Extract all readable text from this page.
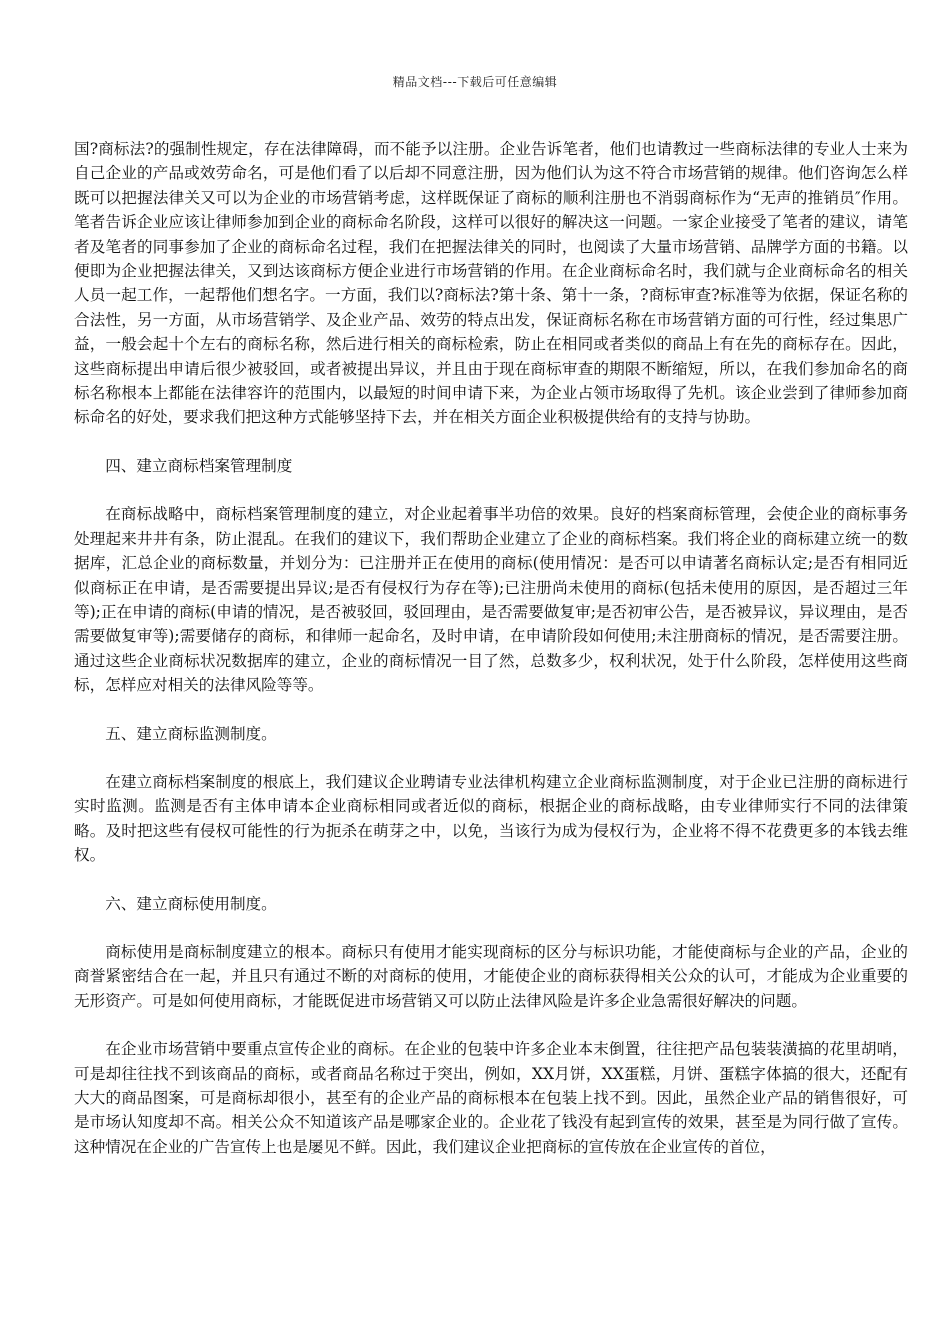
精品文档---下载后可任意编辑

国?商标法?的强制性规定，存在法律障碍，而不能予以注册。企业告诉笔者，他们也请教过一些商标法律的专业人士来为自己企业的产品或效劳命名，可是他们看了以后却不同意注册，因为他们认为这不符合市场营销的规律。他们咨询怎么样既可以把握法律关又可以为企业的市场营销考虑，这样既保证了商标的顺利注册也不消弱商标作为“无声的推销员″作用。笔者告诉企业应该让律师参加到企业的商标命名阶段，这样可以很好的解决这一问题。一家企业接受了笔者的建议，请笔者及笔者的同事参加了企业的商标命名过程，我们在把握法律关的同时，也阅读了大量市场营销、品牌学方面的书籍。以便即为企业把握法律关，又到达该商标方便企业进行市场营销的作用。在企业商标命名时，我们就与企业商标命名的相关人员一起工作，一起帮他们想名字。一方面，我们以?商标法?第十条、第十一条，?商标审查?标准等为依据，保证名称的合法性，另一方面，从市场营销学、及企业产品、效劳的特点出发，保证商标名称在市场营销方面的可行性，经过集思广益，一般会起十个左右的商标名称，然后进行相关的商标检索，防止在相同或者类似的商品上有在先的商标存在。因此，这些商标提出申请后很少被驳回，或者被提出异议，并且由于现在商标审查的期限不断缩短，所以，在我们参加命名的商标名称根本上都能在法律容许的范围内，以最短的时间申请下来，为企业占领市场取得了先机。该企业尝到了律师参加商标命名的好处，要求我们把这种方式能够坚持下去，并在相关方面企业积极提供给有的支持与协助。

四、建立商标档案管理制度

在商标战略中，商标档案管理制度的建立，对企业起着事半功倍的效果。良好的档案商标管理，会使企业的商标事务处理起来井井有条，防止混乱。在我们的建议下，我们帮助企业建立了企业的商标档案。我们将企业的商标建立统一的数据库，汇总企业的商标数量，并划分为：已注册并正在使用的商标(使用情况：是否可以申请著名商标认定;是否有相同近似商标正在申请，是否需要提出异议;是否有侵权行为存在等);已注册尚未使用的商标(包括未使用的原因，是否超过三年等);正在申请的商标(申请的情况，是否被驳回，驳回理由，是否需要做复审;是否初审公告，是否被异议，异议理由，是否需要做复审等);需要储存的商标，和律师一起命名，及时申请，在申请阶段如何使用;未注册商标的情况，是否需要注册。通过这些企业商标状况数据库的建立，企业的商标情况一目了然，总数多少，权利状况，处于什么阶段，怎样使用这些商标，怎样应对相关的法律风险等等。

五、建立商标监测制度。

在建立商标档案制度的根底上，我们建议企业聘请专业法律机构建立企业商标监测制度，对于企业已注册的商标进行实时监测。监测是否有主体申请本企业商标相同或者近似的商标，根据企业的商标战略，由专业律师实行不同的法律策略。及时把这些有侵权可能性的行为扼杀在萌芽之中，以免，当该行为成为侵权行为，企业将不得不花费更多的本钱去维权。

六、建立商标使用制度。

商标使用是商标制度建立的根本。商标只有使用才能实现商标的区分与标识功能，才能使商标与企业的产品，企业的商誉紧密结合在一起，并且只有通过不断的对商标的使用，才能使企业的商标获得相关公众的认可，才能成为企业重要的无形资产。可是如何使用商标，才能既促进市场营销又可以防止法律风险是许多企业急需很好解决的问题。

在企业市场营销中要重点宣传企业的商标。在企业的包装中许多企业本末倒置，往往把产品包装装潢搞的花里胡哨，可是却往往找不到该商品的商标，或者商品名称过于突出，例如，XX月饼，XX蛋糕，月饼、蛋糕字体搞的很大，还配有大大的商品图案，可是商标却很小，甚至有的企业产品的商标根本在包装上找不到。因此，虽然企业产品的销售很好，可是市场认知度却不高。相关公众不知道该产品是哪家企业的。企业花了钱没有起到宣传的效果，甚至是为同行做了宣传。这种情况在企业的广告宣传上也是屡见不鲜。因此，我们建议企业把商标的宣传放在企业宣传的首位，
